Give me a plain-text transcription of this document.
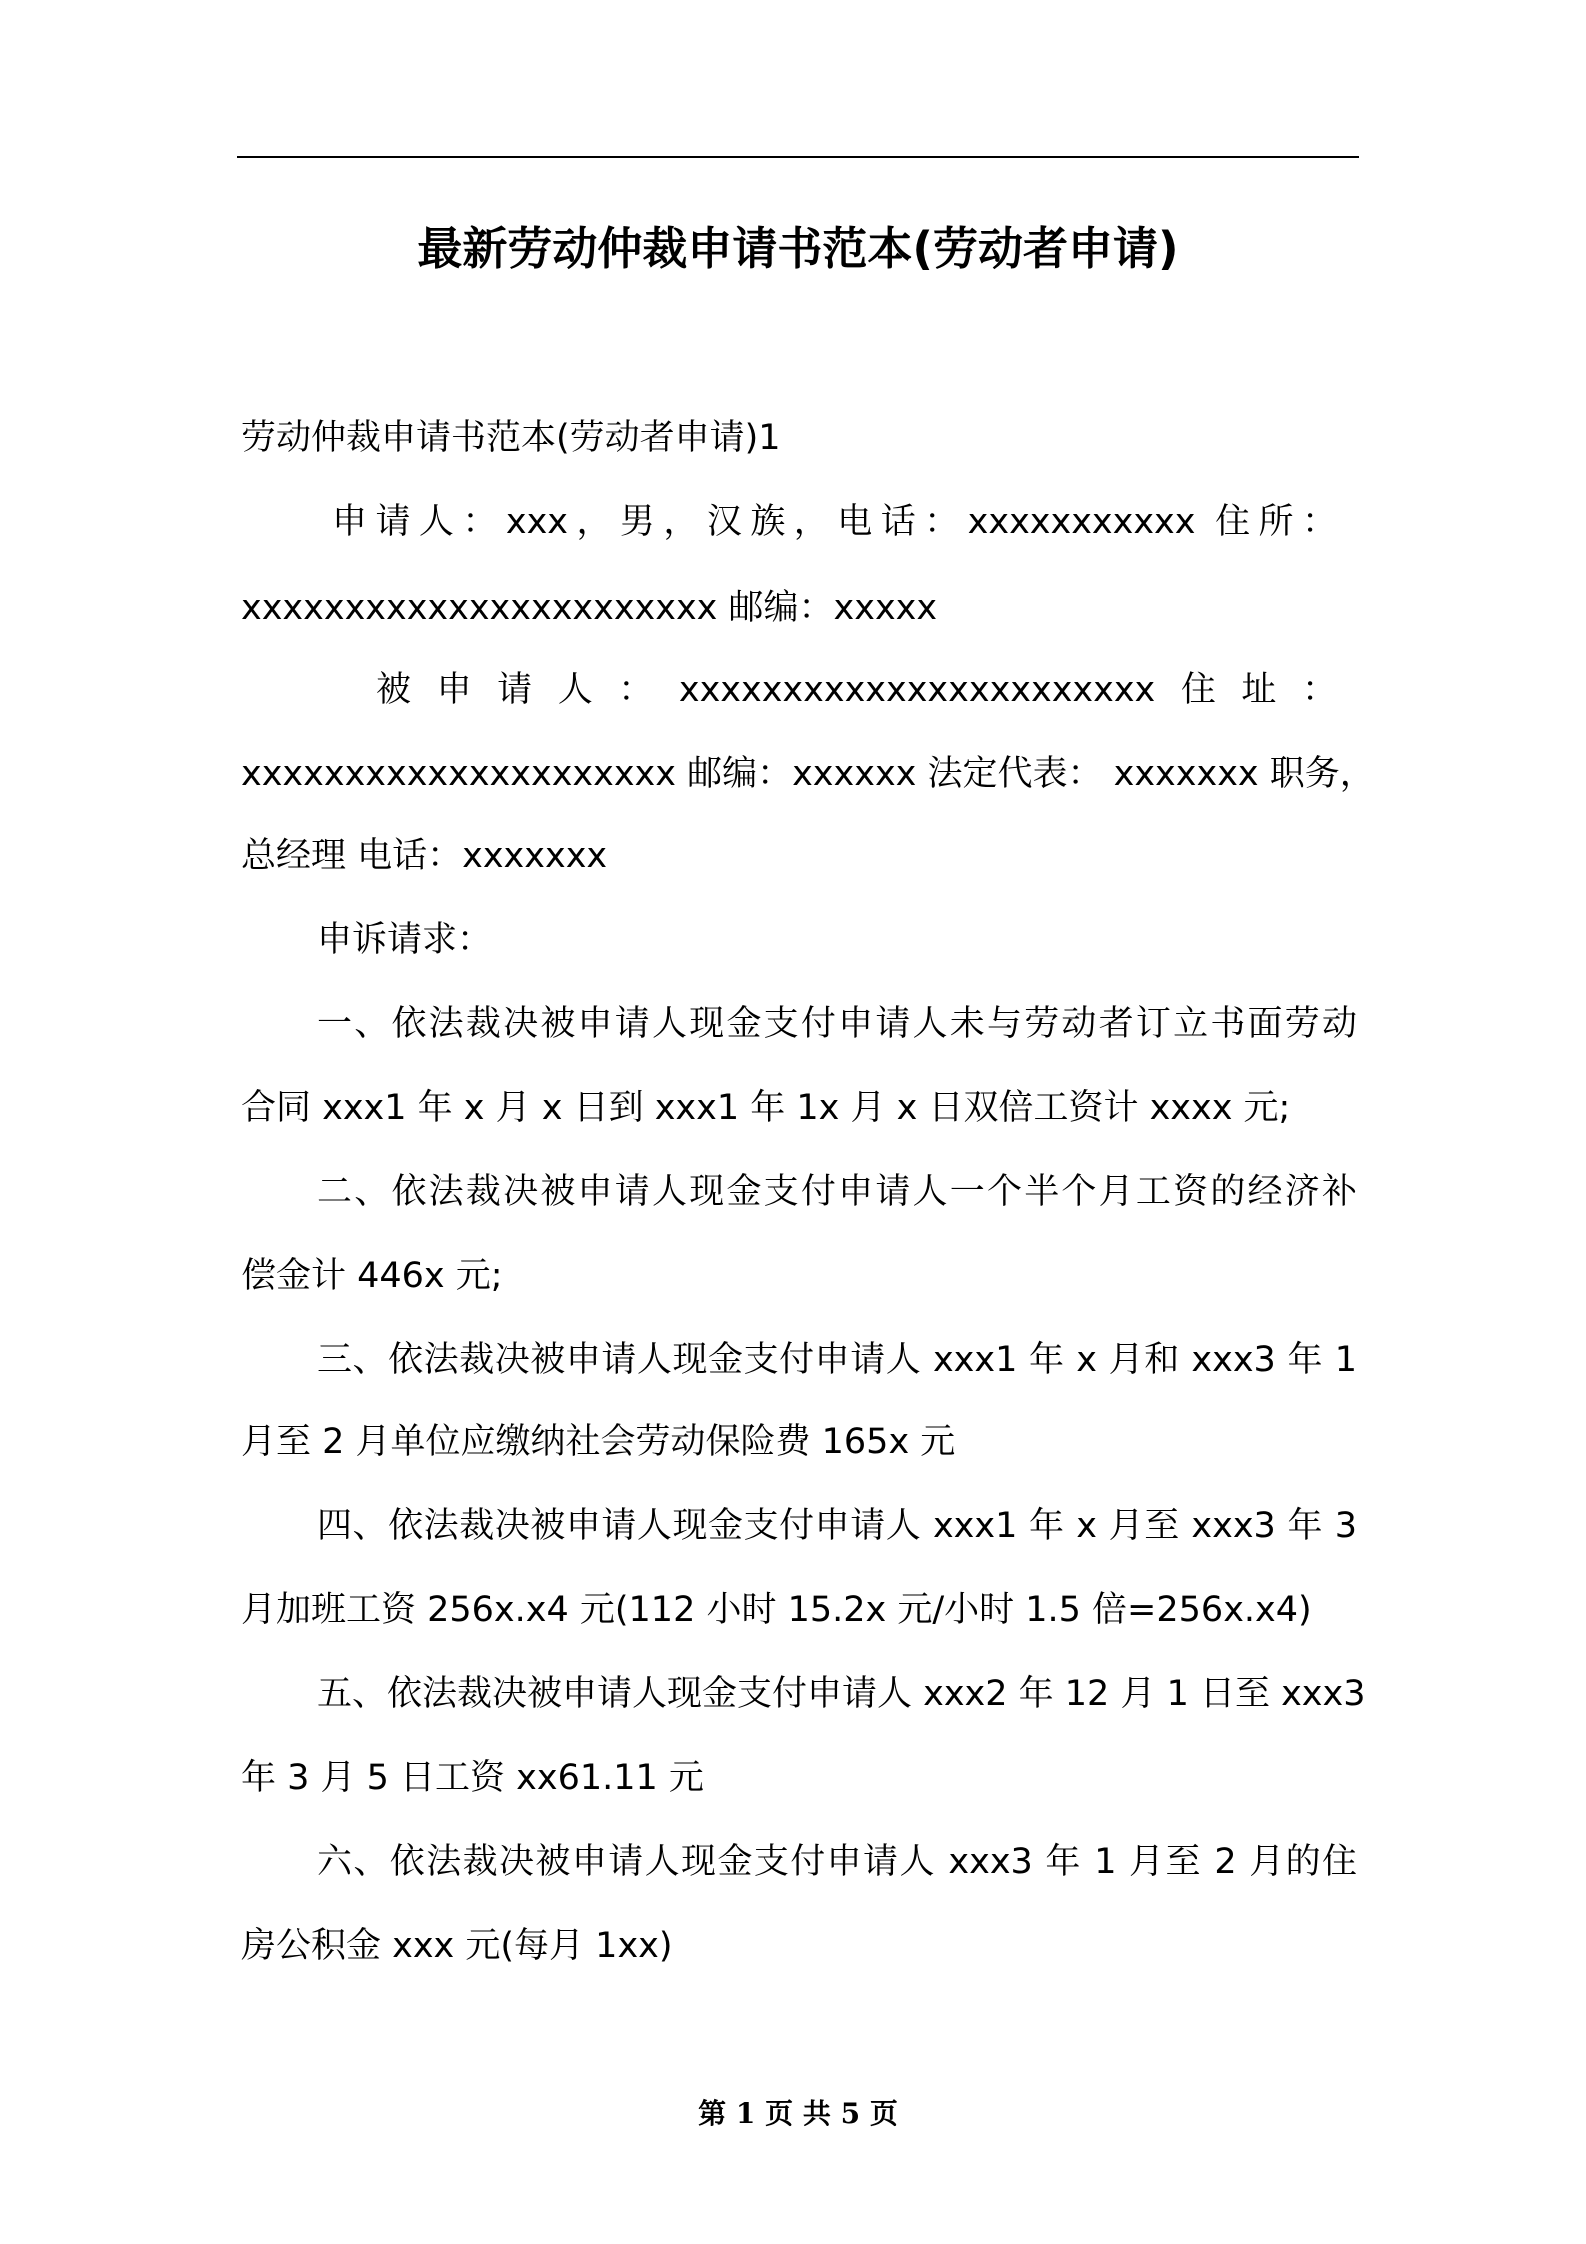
最新劳动仲裁申请书范本(劳动者申请)
劳动仲裁申请书范本(劳动者申请)1
申请人：xxx，男，汉族，电话：xxxxxxxxxxx 住所：
xxxxxxxxxxxxxxxxxxxxxxx 邮编：xxxxx
被申请人：xxxxxxxxxxxxxxxxxxxxxxx住址：
xxxxxxxxxxxxxxxxxxxxx 邮编：xxxxxx 法定代表： xxxxxxx 职务，
总经理 电话：xxxxxxx
申诉请求：
一、依法裁决被申请人现金支付申请人未与劳动者订立书面劳动
合同 xxx1 年 x 月 x 日到 xxx1 年 1x 月 x 日双倍工资计 xxxx 元;
二、依法裁决被申请人现金支付申请人一个半个月工资的经济补
偿金计 446x 元;
三、依法裁决被申请人现金支付申请人 xxx1 年 x 月和 xxx3 年 1
月至 2 月单位应缴纳社会劳动保险费 165x 元
四、依法裁决被申请人现金支付申请人 xxx1 年 x 月至 xxx3 年 3
月加班工资 256x.x4 元(112 小时 15.2x 元/小时 1.5 倍=256x.x4)
五、依法裁决被申请人现金支付申请人 xxx2 年 12 月 1 日至 xxx3
年 3 月 5 日工资 xx61.11 元
六、依法裁决被申请人现金支付申请人 xxx3 年 1 月至 2 月的住
房公积金 xxx 元(每月 1xx)
第 1 页 共 5 页
